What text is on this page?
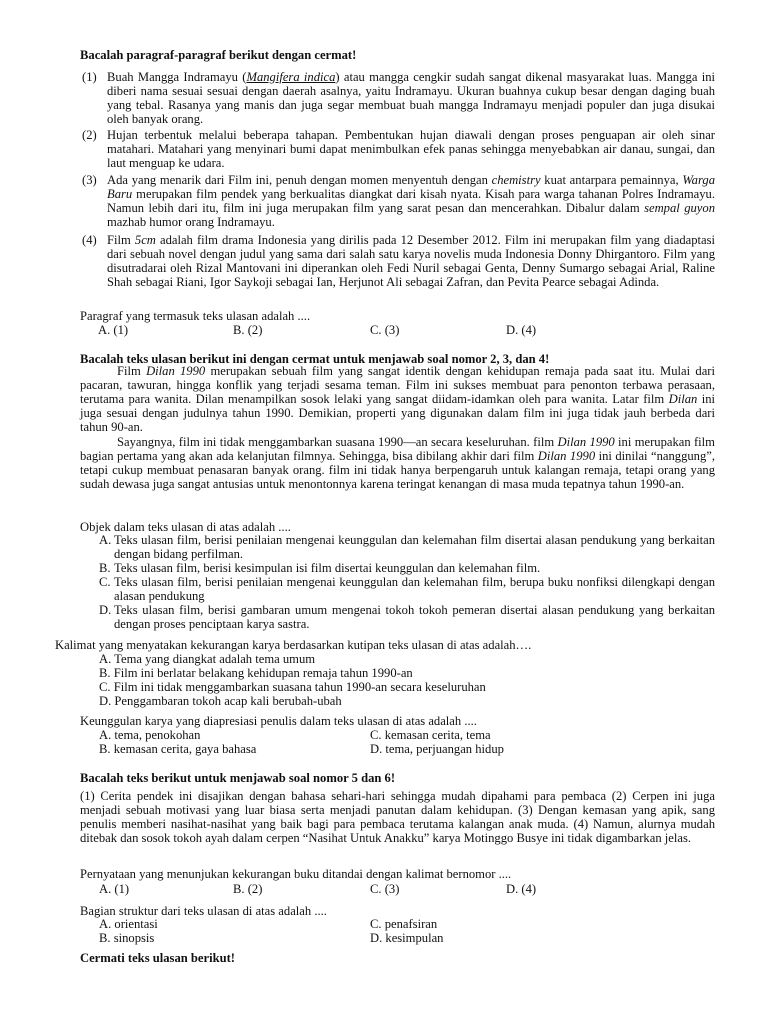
Bacalah paragraf-paragraf berikut dengan cermat!
(1) Buah Mangga Indramayu (Mangifera indica) atau mangga cengkir sudah sangat dikenal masyarakat luas. Mangga ini diberi nama sesuai sesuai dengan daerah asalnya, yaitu Indramayu. Ukuran buahnya cukup besar dengan daging buah yang tebal. Rasanya yang manis dan juga segar membuat buah mangga Indramayu menjadi populer dan juga disukai oleh banyak orang.
(2) Hujan terbentuk melalui beberapa tahapan. Pembentukan hujan diawali dengan proses penguapan air oleh sinar matahari. Matahari yang menyinari bumi dapat menimbulkan efek panas sehingga menyebabkan air danau, sungai, dan laut menguap ke udara.
(3) Ada yang menarik dari Film ini, penuh dengan momen menyentuh dengan chemistry kuat antarpara pemainnya, Warga Baru merupakan film pendek yang berkualitas diangkat dari kisah nyata. Kisah para warga tahanan Polres Indramayu. Namun lebih dari itu, film ini juga merupakan film yang sarat pesan dan mencerahkan. Dibalur dalam sempal guyon mazhab humor orang Indramayu.
(4) Film 5cm adalah film drama Indonesia yang dirilis pada 12 Desember 2012. Film ini merupakan film yang diadaptasi dari sebuah novel dengan judul yang sama dari salah satu karya novelis muda Indonesia Donny Dhirgantoro. Film yang disutradarai oleh Rizal Mantovani ini diperankan oleh Fedi Nuril sebagai Genta, Denny Sumargo sebagai Arial, Raline Shah sebagai Riani, Igor Saykoji sebagai Ian, Herjunot Ali sebagai Zafran, dan Pevita Pearce sebagai Adinda.
Paragraf yang termasuk teks ulasan adalah ....
A. (1)	B. (2)	C. (3)	D. (4)
Bacalah teks ulasan berikut ini dengan cermat untuk menjawab soal nomor 2, 3, dan 4!
Film Dilan 1990 merupakan sebuah film yang sangat identik dengan kehidupan remaja pada saat itu. Mulai dari pacaran, tawuran, hingga konflik yang terjadi sesama teman. Film ini sukses membuat para penonton terbawa perasaan, terutama para wanita. Dilan menampilkan sosok lelaki yang sangat diidam-idamkan oleh para wanita. Latar film Dilan ini juga sesuai dengan judulnya tahun 1990. Demikian, properti yang digunakan dalam film ini juga tidak jauh berbeda dari tahun 90-an.
Sayangnya, film ini tidak menggambarkan suasana 1990—an secara keseluruhan. film Dilan 1990 ini merupakan film bagian pertama yang akan ada kelanjutan filmnya. Sehingga, bisa dibilang akhir dari film Dilan 1990 ini dinilai “nanggung”, tetapi cukup membuat penasaran banyak orang. film ini tidak hanya berpengaruh untuk kalangan remaja, tetapi orang yang sudah dewasa juga sangat antusias untuk menontonnya karena teringat kenangan di masa muda tepatnya tahun 1990-an.
Objek dalam teks ulasan di atas adalah ....
A. Teks ulasan film, berisi penilaian mengenai keunggulan dan kelemahan film disertai alasan pendukung yang berkaitan dengan bidang perfilman.
B. Teks ulasan film, berisi kesimpulan isi film disertai keunggulan dan kelemahan film.
C. Teks ulasan film, berisi penilaian mengenai keunggulan dan kelemahan film, berupa buku nonfiksi dilengkapi dengan alasan pendukung
D. Teks ulasan film, berisi gambaran umum mengenai tokoh tokoh pemeran disertai alasan pendukung yang berkaitan dengan proses penciptaan karya sastra.
Kalimat yang menyatakan kekurangan karya berdasarkan kutipan teks ulasan di atas adalah….
A. Tema yang diangkat adalah tema umum
B. Film ini berlatar belakang kehidupan remaja tahun 1990-an
C. Film ini tidak menggambarkan suasana tahun 1990-an secara keseluruhan
D. Penggambaran tokoh acap kali berubah-ubah
Keunggulan karya yang diapresiasi penulis dalam teks ulasan di atas adalah ....
A. tema, penokohan	C. kemasan cerita, tema
B. kemasan cerita, gaya bahasa	D. tema, perjuangan hidup
Bacalah teks berikut untuk menjawab soal nomor 5 dan 6!
(1) Cerita pendek ini disajikan dengan bahasa sehari-hari sehingga mudah dipahami para pembaca (2) Cerpen ini juga menjadi sebuah motivasi yang luar biasa serta menjadi panutan dalam kehidupan. (3) Dengan kemasan yang apik, sang penulis memberi nasihat-nasihat yang baik bagi para pembaca terutama kalangan anak muda. (4) Namun, alurnya mudah ditebak dan sosok tokoh ayah dalam cerpen “Nasihat Untuk Anakku” karya Motinggo Busye ini tidak digambarkan jelas.
Pernyataan yang menunjukan kekurangan buku ditandai dengan kalimat bernomor ....
A. (1)	B. (2)	C. (3)	D. (4)
Bagian struktur dari teks ulasan di atas adalah ....
A. orientasi	C. penafsiran
B. sinopsis	D. kesimpulan
Cermati teks ulasan berikut!
